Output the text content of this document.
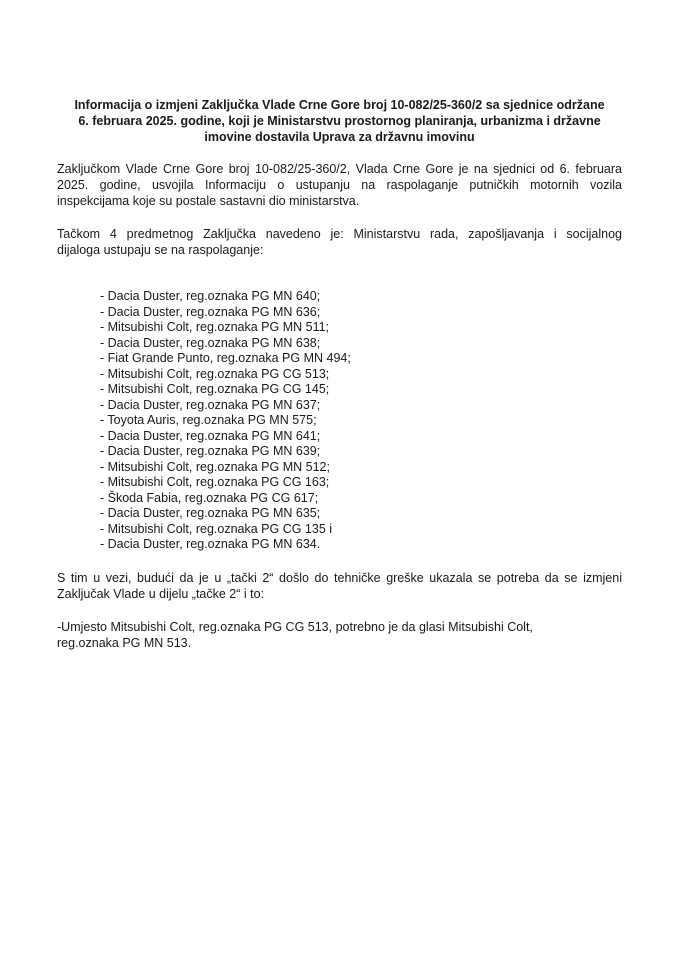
Informacija o izmjeni Zaključka Vlade Crne Gore broj 10-082/25-360/2 sa sjednice održane
6. februara 2025. godine, koji je Ministarstvu prostornog planiranja, urbanizma i državne
imovine dostavila Uprava za državnu imovinu
Zaključkom Vlade Crne Gore broj 10-082/25-360/2, Vlada Crne Gore je na sjednici od 6. februara
2025. godine, usvojila Informaciju o ustupanju na raspolaganje putničkih motornih vozila
inspekcijama koje su postale sastavni dio ministarstva.
Tačkom 4 predmetnog Zaključka navedeno je: Ministarstvu rada, zapošljavanja i socijalnog
dijaloga ustupaju se na raspolaganje:
- Dacia Duster, reg.oznaka PG MN 640;
- Dacia Duster, reg.oznaka PG MN 636;
- Mitsubishi Colt, reg.oznaka PG MN 511;
- Dacia Duster, reg.oznaka PG MN 638;
- Fiat Grande Punto, reg.oznaka PG MN 494;
- Mitsubishi Colt, reg.oznaka PG CG 513;
- Mitsubishi Colt, reg.oznaka PG CG 145;
- Dacia Duster, reg.oznaka PG MN 637;
- Toyota Auris, reg.oznaka PG MN 575;
- Dacia Duster, reg.oznaka PG MN 641;
- Dacia Duster, reg.oznaka PG MN 639;
- Mitsubishi Colt, reg.oznaka PG MN 512;
- Mitsubishi Colt, reg.oznaka PG CG 163;
- Škoda Fabia, reg.oznaka PG CG 617;
- Dacia Duster, reg.oznaka PG MN 635;
- Mitsubishi Colt, reg.oznaka PG CG 135 i
- Dacia Duster, reg.oznaka PG MN 634.
S tim u vezi, budući da je u „tački 2“ došlo do tehničke greške ukazala se potreba da se izmjeni
Zaključak Vlade u dijelu „tačke 2“ i to:
-Umjesto Mitsubishi Colt, reg.oznaka PG CG 513, potrebno je da glasi Mitsubishi Colt,
reg.oznaka PG MN 513.
